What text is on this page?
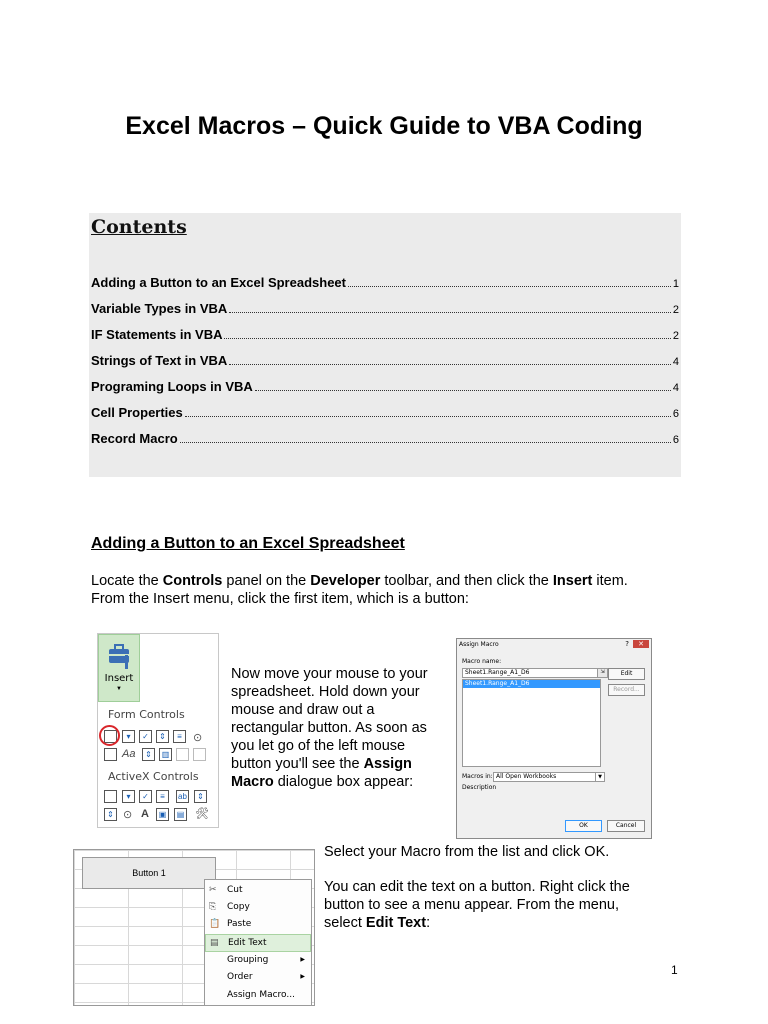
Excel Macros – Quick Guide to VBA Coding
Contents
Adding a Button to an Excel Spreadsheet	1
Variable Types in VBA	2
IF Statements in VBA	2
Strings of Text in VBA	4
Programing Loops in VBA	4
Cell Properties	6
Record Macro	6
Adding a Button to an Excel Spreadsheet
Locate the Controls panel on the Developer toolbar, and then click the Insert item.
From the Insert menu, click the first item, which is a button:
Insert
▼
Form Controls
▾	✓	⇕	≡	⊙
Aa	⇕	▥
ActiveX Controls
▾	✓	≡	ab	⇕
⇕ ⊙ A	▣	▤ 🛠
Now move your mouse to your
spreadsheet. Hold down your
mouse and draw out a
rectangular button. As soon as
you let go of the left mouse
button you'll see the Assign
Macro dialogue box appear:
Assign Macro	?	✕
Macro name:
Sheet1.Range_A1_D6	⇲
Sheet1.Range_A1_D6
Edit
Record...
Macros in: All Open Workbooks	▼
Description
OK	Cancel
Button 1
✂ Cut
⎘	Copy
📋 Paste
▤ Edit Text
Grouping	▶
Order	▶
Assign Macro...
Select your Macro from the list and click OK.
You can edit the text on a button. Right click the
button to see a menu appear. From the menu,
select Edit Text:
1
